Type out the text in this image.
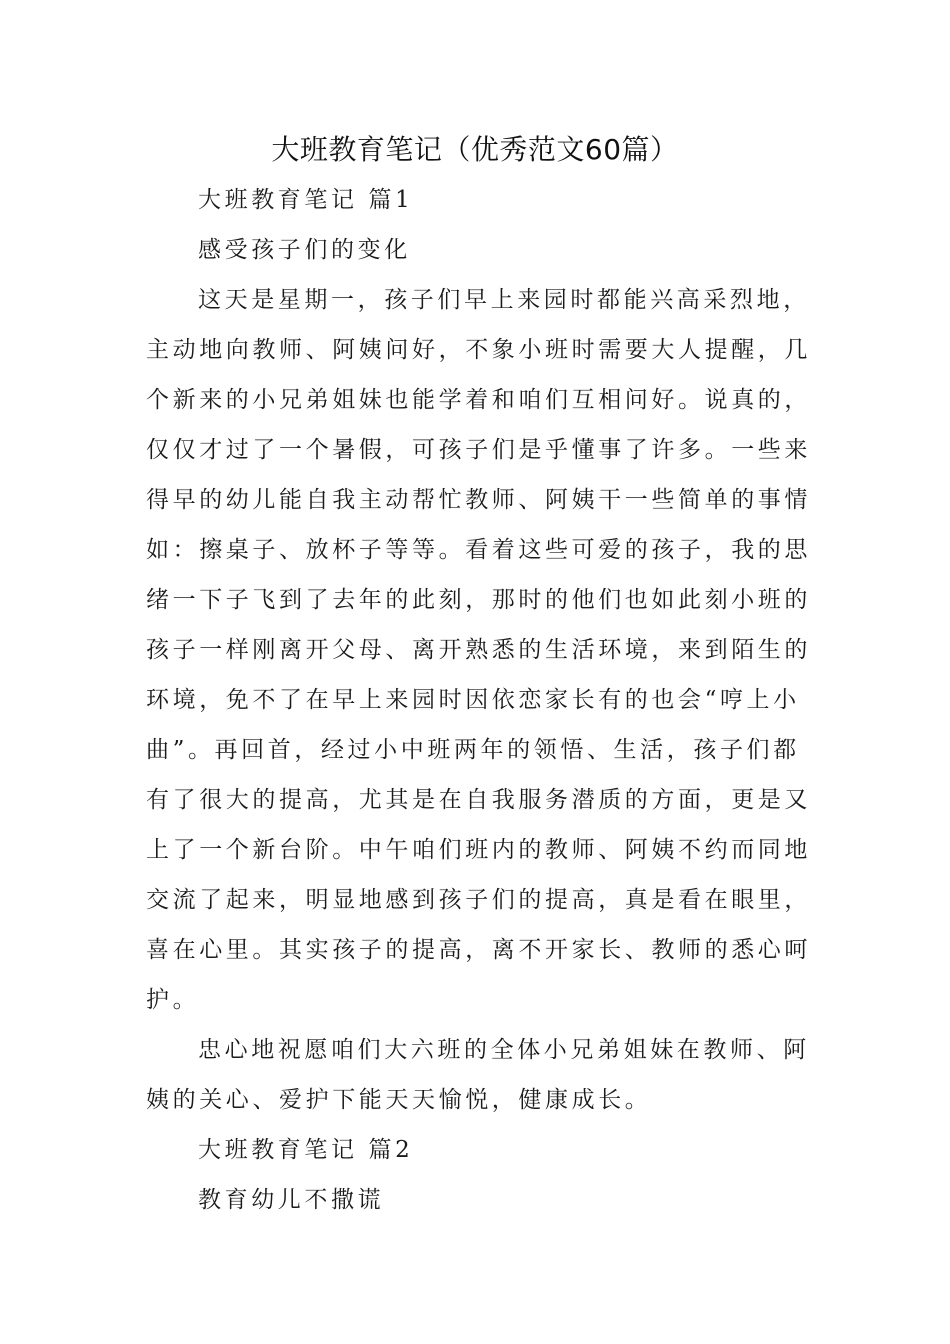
大班教育笔记（优秀范文60篇）
大班教育笔记 篇1
感受孩子们的变化
这天是星期一，孩子们早上来园时都能兴高采烈地，
主动地向教师、阿姨问好，不象小班时需要大人提醒，几
个新来的小兄弟姐妹也能学着和咱们互相问好。说真的，
仅仅才过了一个暑假，可孩子们是乎懂事了许多。一些来
得早的幼儿能自我主动帮忙教师、阿姨干一些简单的事情
如：擦桌子、放杯子等等。看着这些可爱的孩子，我的思
绪一下子飞到了去年的此刻，那时的他们也如此刻小班的
孩子一样刚离开父母、离开熟悉的生活环境，来到陌生的
环境，免不了在早上来园时因依恋家长有的也会“哼上小
曲”。再回首，经过小中班两年的领悟、生活，孩子们都
有了很大的提高，尤其是在自我服务潜质的方面，更是又
上了一个新台阶。中午咱们班内的教师、阿姨不约而同地
交流了起来，明显地感到孩子们的提高，真是看在眼里，
喜在心里。其实孩子的提高，离不开家长、教师的悉心呵
护。
忠心地祝愿咱们大六班的全体小兄弟姐妹在教师、阿
姨的关心、爱护下能天天愉悦，健康成长。
大班教育笔记 篇2
教育幼儿不撒谎
